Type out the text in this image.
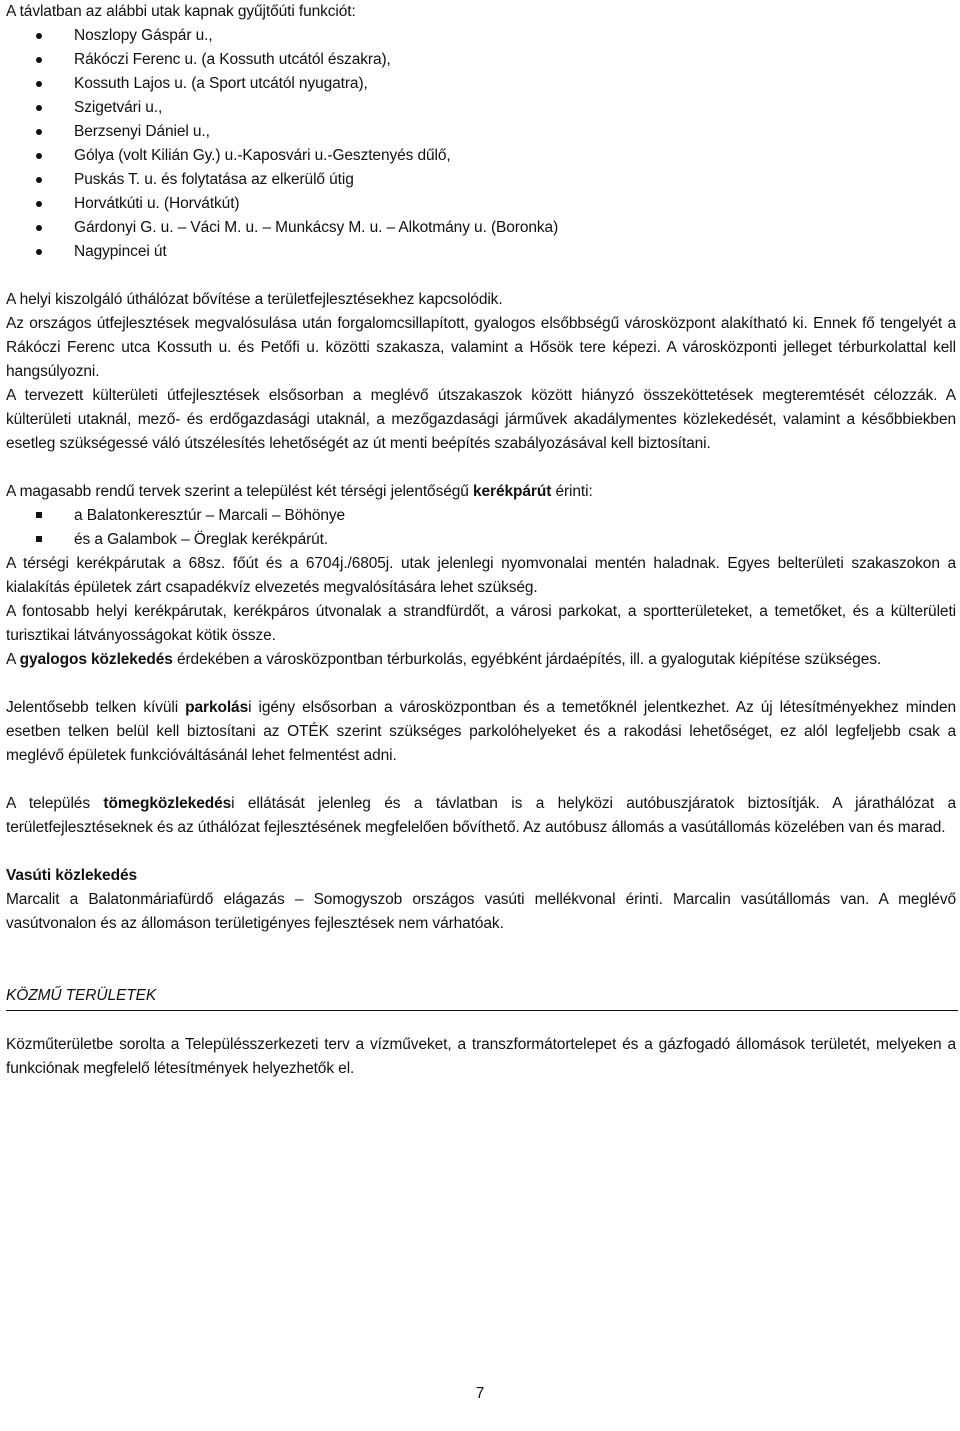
A távlatban az alábbi utak kapnak gyűjtőúti funkciót:

Noszlopy Gáspár u.,
Rákóczi Ferenc u. (a Kossuth utcától északra),
Kossuth Lajos u. (a Sport utcától nyugatra),
Szigetvári u.,
Berzsenyi Dániel u.,
Gólya (volt Kilián Gy.) u.-Kaposvári u.-Gesztenyés dűlő,
Puskás T. u. és folytatása az elkerülő útig
Horvátkúti u. (Horvátkút)
Gárdonyi G. u. – Váci M. u. – Munkácsy M. u. – Alkotmány u. (Boronka)
Nagypincei út

A helyi kiszolgáló úthálózat bővítése a területfejlesztésekhez kapcsolódik.

Az országos útfejlesztések megvalósulása után forgalomcsillapított, gyalogos elsőbbségű városközpont alakítható ki. Ennek fő tengelyét a Rákóczi Ferenc utca Kossuth u. és Petőfi u. közötti szakasza, valamint a Hősök tere képezi. A városközponti jelleget térburkolattal kell hangsúlyozni.

A tervezett külterületi útfejlesztések elsősorban a meglévő útszakaszok között hiányzó összeköttetések megteremtését célozzák. A külterületi utaknál, mező- és erdőgazdasági utaknál, a mezőgazdasági járművek akadálymentes közlekedését, valamint a későbbiekben esetleg szükségessé váló útszélesítés lehetőségét az út menti beépítés szabályozásával kell biztosítani.

A magasabb rendű tervek szerint a települést két térségi jelentőségű kerékpárút érinti:

a Balatonkeresztúr – Marcali – Böhönye
és a Galambok – Öreglak kerékpárút.

A térségi kerékpárutak a 68sz. főút és a 6704j./6805j. utak jelenlegi nyomvonalai mentén haladnak. Egyes belterületi szakaszokon a kialakítás épületek zárt csapadékvíz elvezetés megvalósítására lehet szükség.

A fontosabb helyi kerékpárutak, kerékpáros útvonalak a strandfürdőt, a városi parkokat, a sportterületeket, a temetőket, és a külterületi turisztikai látványosságokat kötik össze.

A gyalogos közlekedés érdekében a városközpontban térburkolás, egyébként járdaépítés, ill. a gyalogutak kiépítése szükséges.

Jelentősebb telken kívüli parkolási igény elsősorban a városközpontban és a temetőknél jelentkezhet. Az új létesítményekhez minden esetben telken belül kell biztosítani az OTÉK szerint szükséges parkolóhelyeket és a rakodási lehetőséget, ez alól legfeljebb csak a meglévő épületek funkcióváltásánál lehet felmentést adni.

A település tömegközlekedési ellátását jelenleg és a távlatban is a helyközi autóbuszjáratok biztosítják. A járathálózat a területfejlesztéseknek és az úthálózat fejlesztésének megfelelően bővíthető. Az autóbusz állomás a vasútállomás közelében van és marad.

Vasúti közlekedés

Marcalit a Balatonmáriafürdő elágazás – Somogyszob országos vasúti mellékvonal érinti. Marcalin vasútállomás van. A meglévő vasútvonalon és az állomáson területigényes fejlesztések nem várhatóak.

KÖZMŰ TERÜLETEK

Közműterületbe sorolta a Településszerkezeti terv a vízműveket, a transzformátortelepet és a gázfogadó állomások területét, melyeken a funkciónak megfelelő létesítmények helyezhetők el.

7
